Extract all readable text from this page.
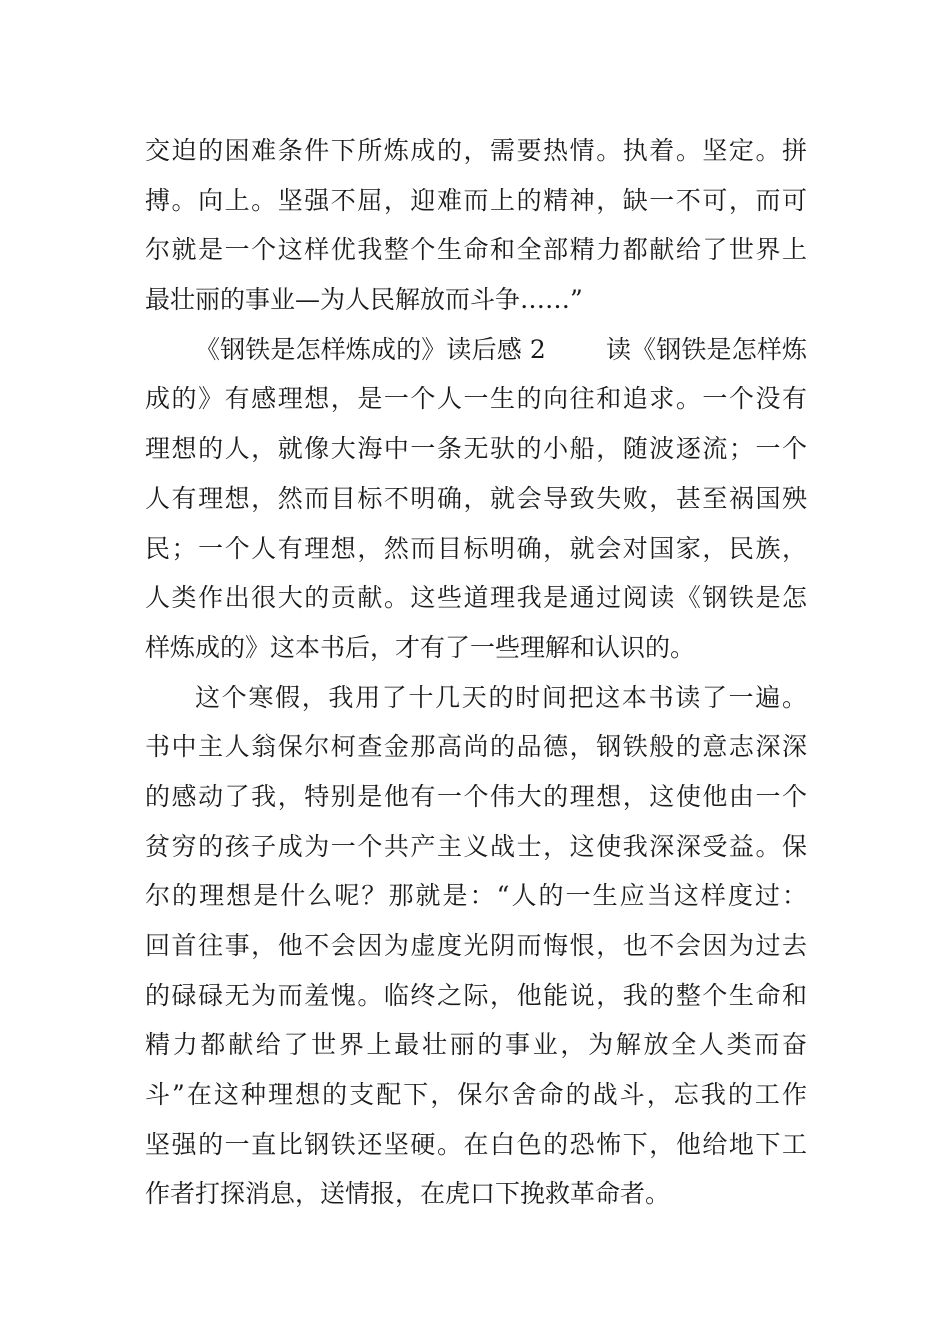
交迫的困难条件下所炼成的，需要热情。执着。坚定。拼
搏。向上。坚强不屈，迎难而上的精神，缺一不可，而可
尔就是一个这样优我整个生命和全部精力都献给了世界上
最壮丽的事业—为人民解放而斗争……”
《钢铁是怎样炼成的》读后感 2 读《钢铁是怎样炼
成的》有感理想，是一个人一生的向往和追求。一个没有
理想的人，就像大海中一条无驮的小船，随波逐流；一个
人有理想，然而目标不明确，就会导致失败，甚至祸国殃
民；一个人有理想，然而目标明确，就会对国家，民族，
人类作出很大的贡献。这些道理我是通过阅读《钢铁是怎
样炼成的》这本书后，才有了一些理解和认识的。
这个寒假，我用了十几天的时间把这本书读了一遍。
书中主人翁保尔柯查金那高尚的品德，钢铁般的意志深深
的感动了我，特别是他有一个伟大的理想，这使他由一个
贫穷的孩子成为一个共产主义战士，这使我深深受益。保
尔的理想是什么呢？那就是：“人的一生应当这样度过：
回首往事，他不会因为虚度光阴而悔恨，也不会因为过去
的碌碌无为而羞愧。临终之际，他能说，我的整个生命和
精力都献给了世界上最壮丽的事业，为解放全人类而奋
斗”在这种理想的支配下，保尔舍命的战斗，忘我的工作
坚强的一直比钢铁还坚硬。在白色的恐怖下，他给地下工
作者打探消息，送情报，在虎口下挽救革命者。
